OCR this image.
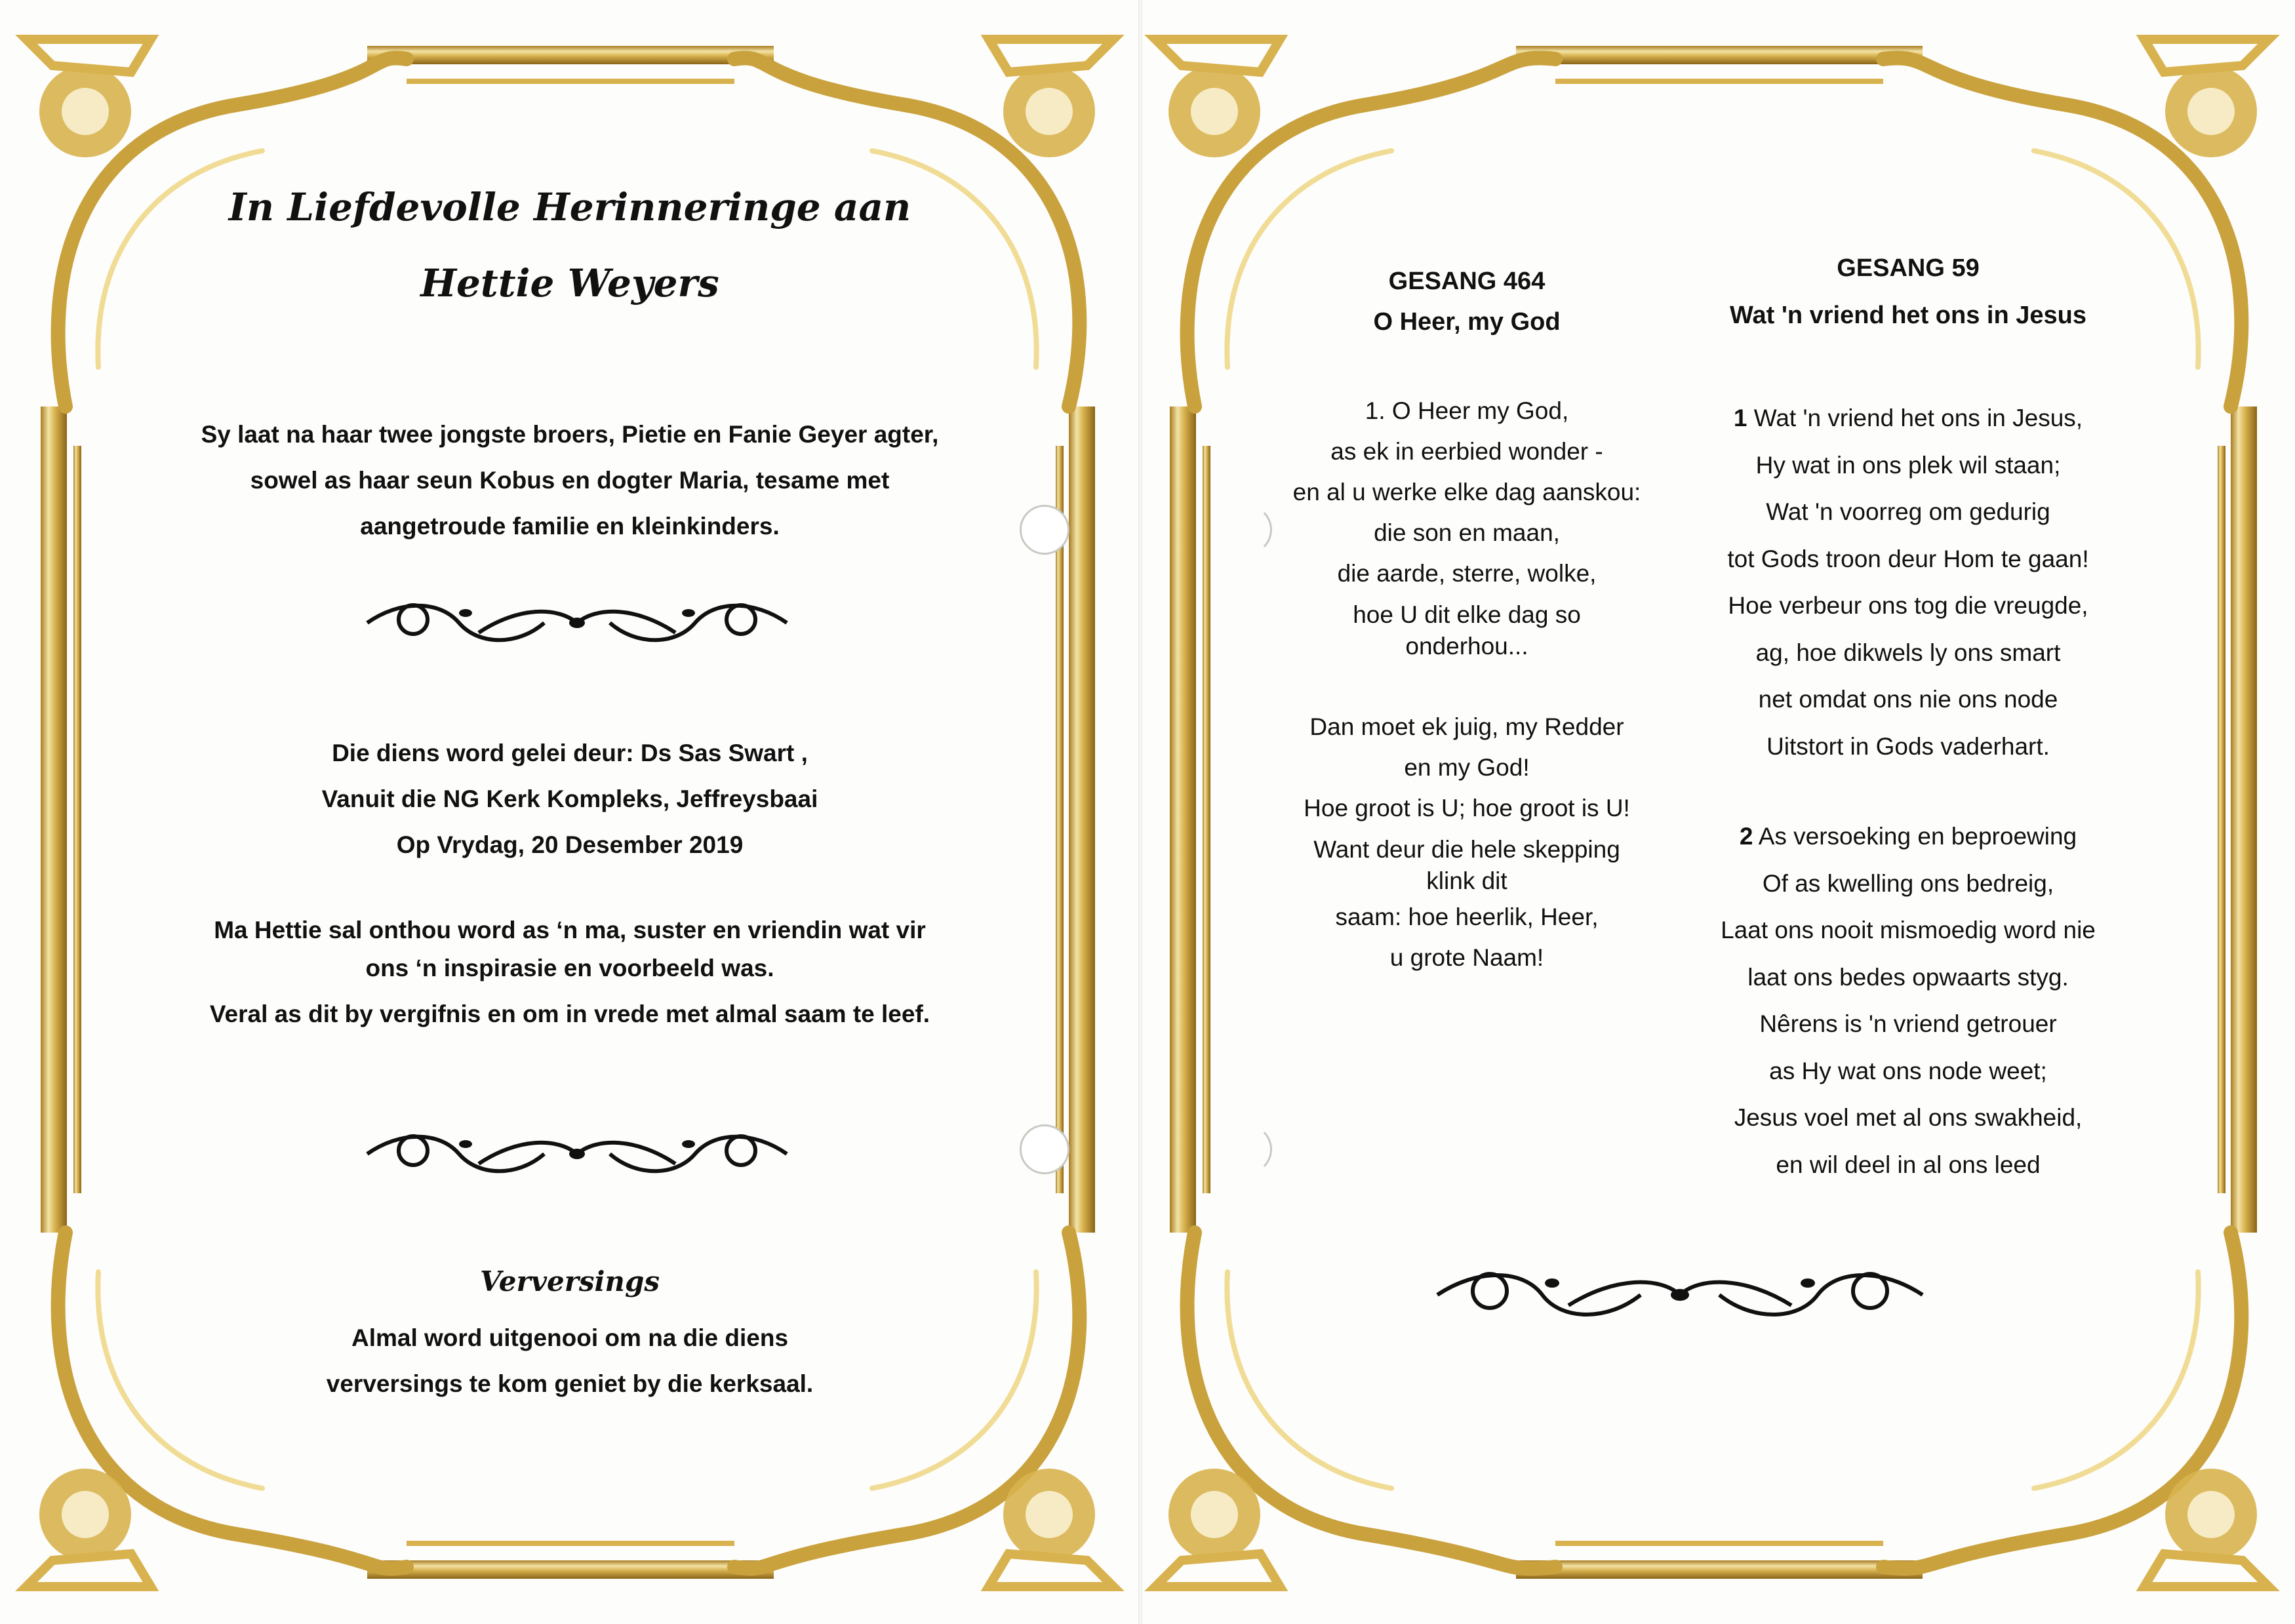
In Liefdevolle Herinneringe aan
Hettie Weyers
Sy laat na haar twee jongste broers, Pietie en Fanie Geyer agter,
sowel as haar seun Kobus en dogter Maria, tesame met
aangetroude familie en kleinkinders.
Die diens word gelei deur: Ds Sas Swart ,
Vanuit die NG Kerk Kompleks, Jeffreysbaai
Op Vrydag, 20 Desember 2019
Ma Hettie sal onthou word as ‘n ma, suster en vriendin wat vir
ons ‘n inspirasie en voorbeeld was.
Veral as dit by vergifnis en om in vrede met almal saam te leef.
Verversings
Almal word uitgenooi om na die diens
verversings te kom geniet by die kerksaal.
GESANG 464
O Heer, my God
1. O Heer my God,
as ek in eerbied wonder -
en al u werke elke dag aanskou:
die son en maan,
die aarde, sterre, wolke,
hoe U dit elke dag so
onderhou...
Dan moet ek juig, my Redder
en my God!
Hoe groot is U; hoe groot is U!
Want deur die hele skepping
klink dit
saam: hoe heerlik, Heer,
u grote Naam!
GESANG 59
Wat 'n vriend het ons in Jesus
1 Wat 'n vriend het ons in Jesus,
Hy wat in ons plek wil staan;
Wat 'n voorreg om gedurig
tot Gods troon deur Hom te gaan!
Hoe verbeur ons tog die vreugde,
ag, hoe dikwels ly ons smart
net omdat ons nie ons node
Uitstort in Gods vaderhart.
2 As versoeking en beproewing
Of as kwelling ons bedreig,
Laat ons nooit mismoedig word nie
laat ons bedes opwaarts styg.
Nêrens is 'n vriend getrouer
as Hy wat ons node weet;
Jesus voel met al ons swakheid,
en wil deel in al ons leed
